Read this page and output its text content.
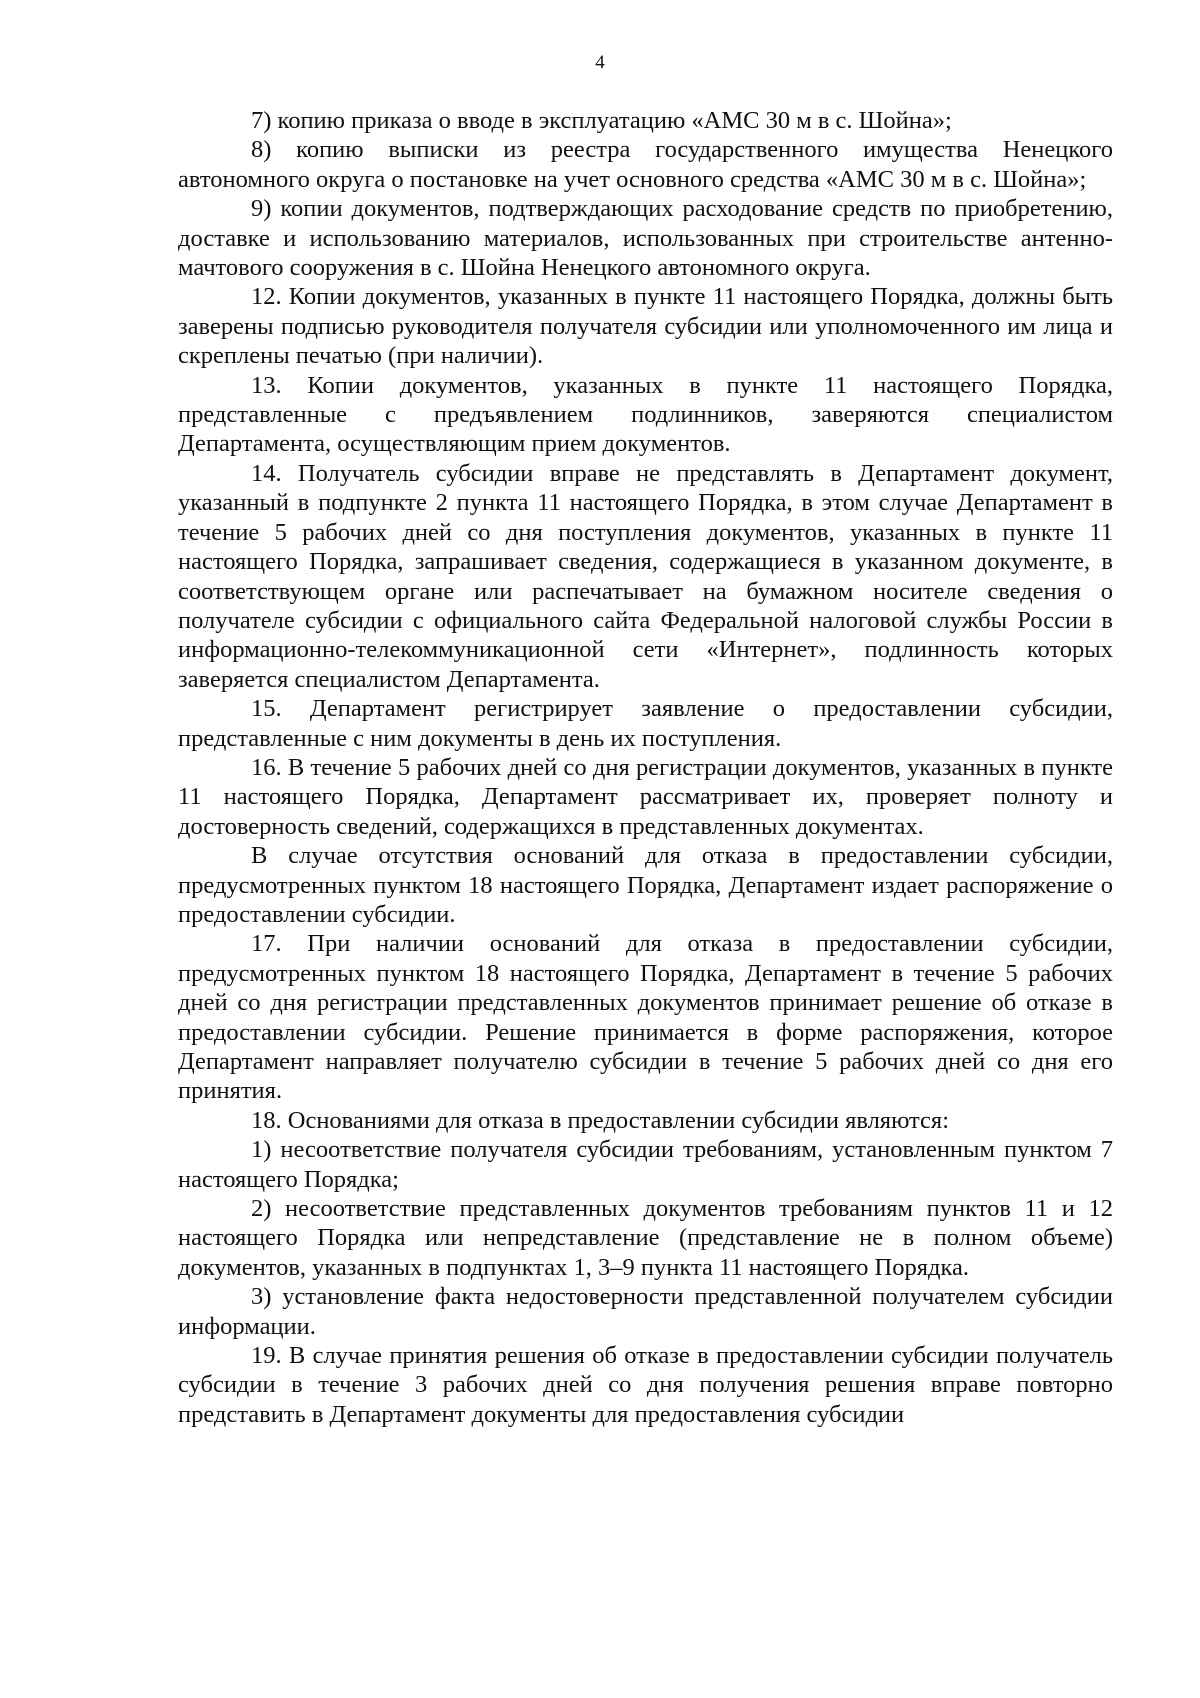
4

7) копию приказа о вводе в эксплуатацию «АМС 30 м в с. Шойна»;

8) копию выписки из реестра государственного имущества Ненецкого автономного округа о постановке на учет основного средства «АМС 30 м в с. Шойна»;

9) копии документов, подтверждающих расходование средств по приобретению, доставке и использованию материалов, использованных при строительстве антенно-мачтового сооружения в с. Шойна Ненецкого автономного округа.

12. Копии документов, указанных в пункте 11 настоящего Порядка, должны быть заверены подписью руководителя получателя субсидии или уполномоченного им лица и скреплены печатью (при наличии).

13. Копии документов, указанных в пункте 11 настоящего Порядка, представленные с предъявлением подлинников, заверяются специалистом Департамента, осуществляющим прием документов.

14. Получатель субсидии вправе не представлять в Департамент документ, указанный в подпункте 2 пункта 11 настоящего Порядка, в этом случае Департамент в течение 5 рабочих дней со дня поступления документов, указанных в пункте 11 настоящего Порядка, запрашивает сведения, содержащиеся в указанном документе, в соответствующем органе или распечатывает на бумажном носителе сведения о получателе субсидии с официального сайта Федеральной налоговой службы России в информационно-телекоммуникационной сети «Интернет», подлинность которых заверяется специалистом Департамента.

15. Департамент регистрирует заявление о предоставлении субсидии, представленные с ним документы в день их поступления.

16. В течение 5 рабочих дней со дня регистрации документов, указанных в пункте 11 настоящего Порядка, Департамент рассматривает их, проверяет полноту и достоверность сведений, содержащихся в представленных документах.

В случае отсутствия оснований для отказа в предоставлении субсидии, предусмотренных пунктом 18 настоящего Порядка, Департамент издает распоряжение о предоставлении субсидии.

17. При наличии оснований для отказа в предоставлении субсидии, предусмотренных пунктом 18 настоящего Порядка, Департамент в течение 5 рабочих дней со дня регистрации представленных документов принимает решение об отказе в предоставлении субсидии. Решение принимается в форме распоряжения, которое Департамент направляет получателю субсидии в течение 5 рабочих дней со дня его принятия.

18. Основаниями для отказа в предоставлении субсидии являются:

1) несоответствие получателя субсидии требованиям, установленным пунктом 7 настоящего Порядка;

2) несоответствие представленных документов требованиям пунктов 11 и 12 настоящего Порядка или непредставление (представление не в полном объеме) документов, указанных в подпунктах 1, 3–9 пункта 11 настоящего Порядка.

3) установление факта недостоверности представленной получателем субсидии информации.

19. В случае принятия решения об отказе в предоставлении субсидии получатель субсидии в течение 3 рабочих дней со дня получения решения вправе повторно представить в Департамент документы для предоставления субсидии
